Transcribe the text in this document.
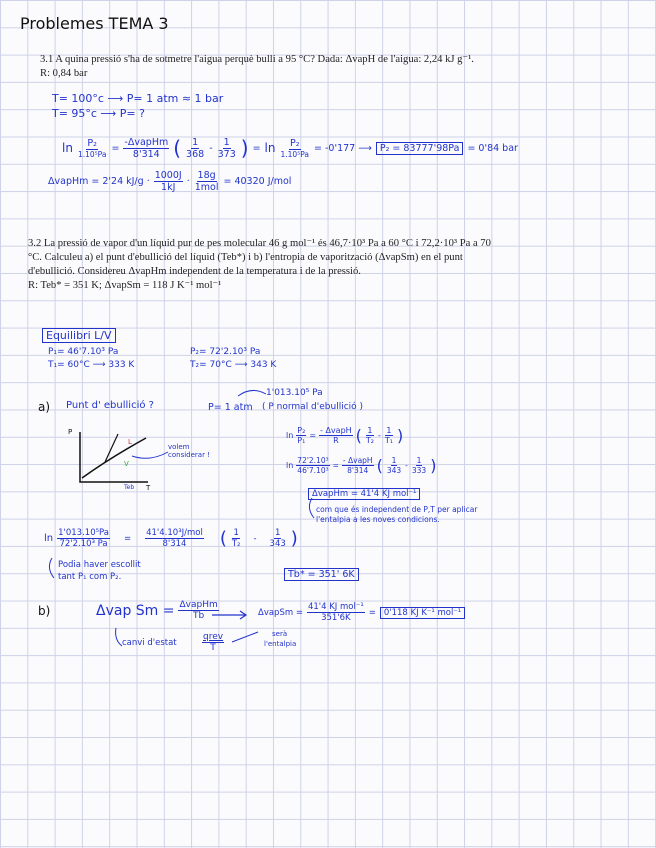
Problemes TEMA 3
3.1 A quina pressió s'ha de sotmetre l'aigua perquè bulli a 95 °C? Dada: ΔvapH de l'aigua: 2,24 kJ g⁻¹.
R: 0,84 bar
T= 100°c ⟶ P= 1 atm ≈ 1 bar
T= 95°c ⟶ P= ?
$\ln \frac{\text{P₂}}{\text{1.10⁵Pa}} = \frac{\text{-ΔvapHm}}{8'314}$ ( $\frac{1}{368} - \frac{1}{373}$ ) = $\ln \frac{\text{P₂}}{\text{1.10⁵Pa}} = -0'177$ ⟶ P₂ = 83777'98Pa = 0'84 bar
ΔvapHm = 2'24 $kJ/g \cdot \frac{1000J}{1kJ} \cdot \frac{18g}{\text{1mol}} = 40320$ J/mol
3.2 La pressió de vapor d'un líquid pur de pes molecular 46 g mol⁻¹ és 46,7·10³ Pa a 60 °C i 72,2·10³ Pa a 70
°C. Calculeu a) el punt d'ebullició del líquid (Teb*) i b) l'entropia de vaporització (ΔvapSm) en el punt
d'ebullició. Considereu ΔvapHm independent de la temperatura i de la pressió.
R: Teb* = 351 K; ΔvapSm = 118 J K⁻¹ mol⁻¹
Equilibri L/V
P₁= 46'7.10³ Pa
T₁= 60°C ⟶ 333 K
P₂= 72'2.10³ Pa
T₂= 70°C ⟶ 343 K
a) Punt d' ebullició ?	P= 1 atm
1'013.10⁵ Pa
( P normal d'ebullició )
P
L
V
Teb T
volem considerar !
$\ln \frac{\text{P₂}}{\text{P₁}} = \frac{\text{- ΔvapH}}{R}$ ( $\frac{1}{\text{T₂}} - \frac{1}{\text{T₁}}$ )
$\ln \frac{\text{72'2.10³}}{\text{46'7.10³}} = \frac{\text{- ΔvapH}}{8'314}$ ( $\frac{1}{343} - \frac{1}{333}$ )
ΔvapHm = 41'4 KJ mol⁻¹
com que és independent de P,T per aplicar
l'entalpia a les noves condicions.
$\ln \frac{\text{1'013.10⁵Pa}}{\text{72'2.10³ Pa}} = \frac{\text{41'4.10³J/mol}}{8'314}$ ( $\frac{1}{\text{T₂}} - \frac{1}{343}$ )
Tb* = 351' 6K
Podia haver escollit
tant P₁ com P₂.
b)	Δvap $Sm = \frac{\text{ΔvapHm}}{Tb}$	ΔvapSm = $\frac{\text{41'4 KJ mol⁻¹}}{351'6K} = 0'118$ KJ K⁻¹ mol⁻¹
canvi d'estat	$\frac{\text{qrev}}{T}$	serà
l'entalpia
